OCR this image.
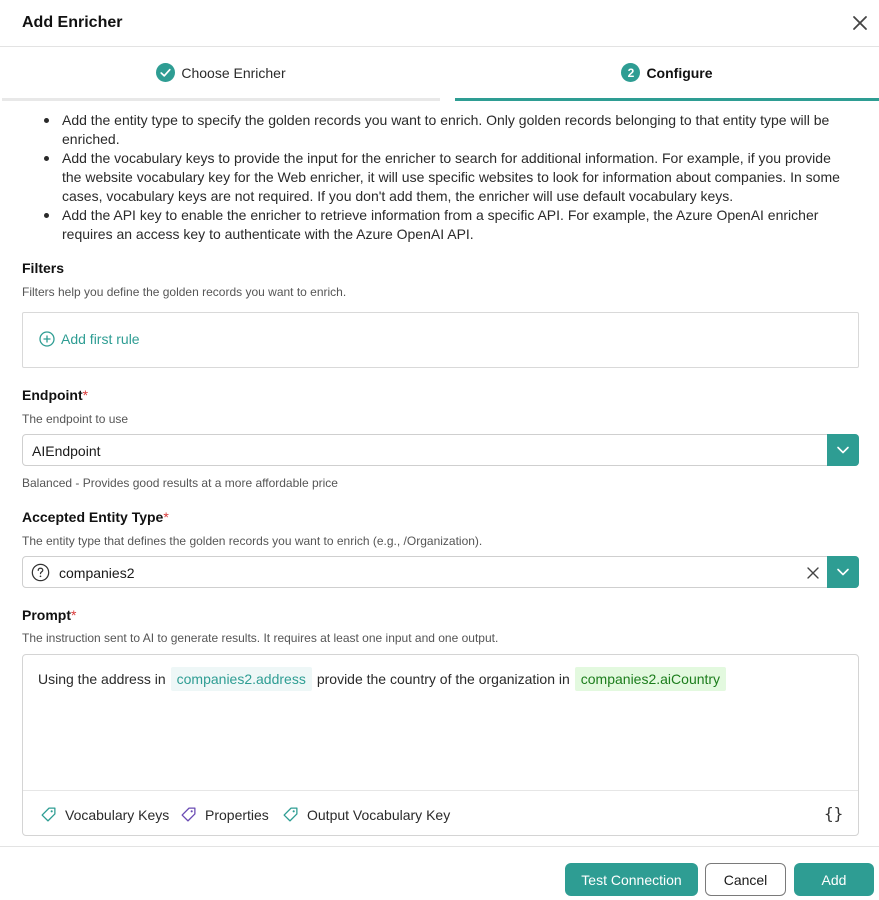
Add Enricher
Choose Enricher	2 Configure
Add the entity type to specify the golden records you want to enrich. Only golden records belonging to that entity type will be enriched.
Add the vocabulary keys to provide the input for the enricher to search for additional information. For example, if you provide the website vocabulary key for the Web enricher, it will use specific websites to look for information about companies. In some cases, vocabulary keys are not required. If you don't add them, the enricher will use default vocabulary keys.
Add the API key to enable the enricher to retrieve information from a specific API. For example, the Azure OpenAI enricher requires an access key to authenticate with the Azure OpenAI API.
Filters
Filters help you define the golden records you want to enrich.
Add first rule
Endpoint*
The endpoint to use
AIEndpoint
Balanced - Provides good results at a more affordable price
Accepted Entity Type*
The entity type that defines the golden records you want to enrich (e.g., /Organization).
companies2
Prompt*
The instruction sent to AI to generate results. It requires at least one input and one output.
Using the address in companies2.address provide the country of the organization in companies2.aiCountry
Vocabulary Keys	Properties	Output Vocabulary Key	{}
Test Connection	Cancel	Add
